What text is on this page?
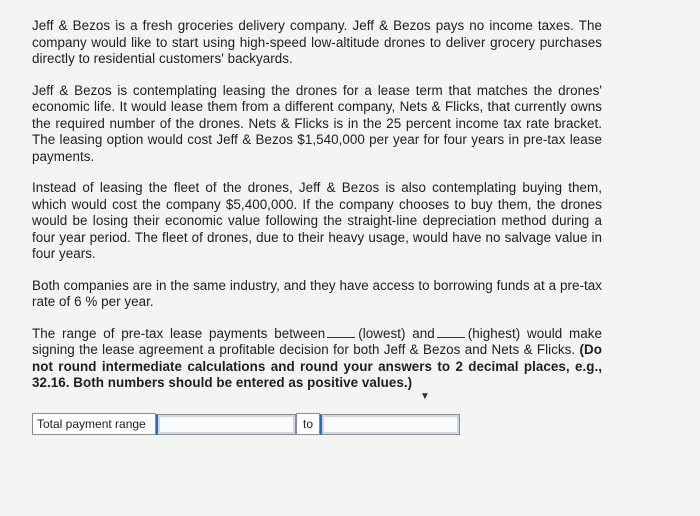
Jeff & Bezos is a fresh groceries delivery company. Jeff & Bezos pays no income taxes. The company would like to start using high-speed low-altitude drones to deliver grocery purchases directly to residential customers' backyards.

Jeff & Bezos is contemplating leasing the drones for a lease term that matches the drones' economic life. It would lease them from a different company, Nets & Flicks, that currently owns the required number of the drones. Nets & Flicks is in the 25 percent income tax rate bracket. The leasing option would cost Jeff & Bezos $1,540,000 per year for four years in pre-tax lease payments.

Instead of leasing the fleet of the drones, Jeff & Bezos is also contemplating buying them, which would cost the company $5,400,000. If the company chooses to buy them, the drones would be losing their economic value following the straight-line depreciation method during a four year period. The fleet of drones, due to their heavy usage, would have no salvage value in four years.

Both companies are in the same industry, and they have access to borrowing funds at a pre-tax rate of 6 % per year.

The range of pre-tax lease payments between (lowest) and (highest) would make signing the lease agreement a profitable decision for both Jeff & Bezos and Nets & Flicks. (Do not round intermediate calculations and round your answers to 2 decimal places, e.g., 32.16. Both numbers should be entered as positive values.)

▼
Total payment range	to
